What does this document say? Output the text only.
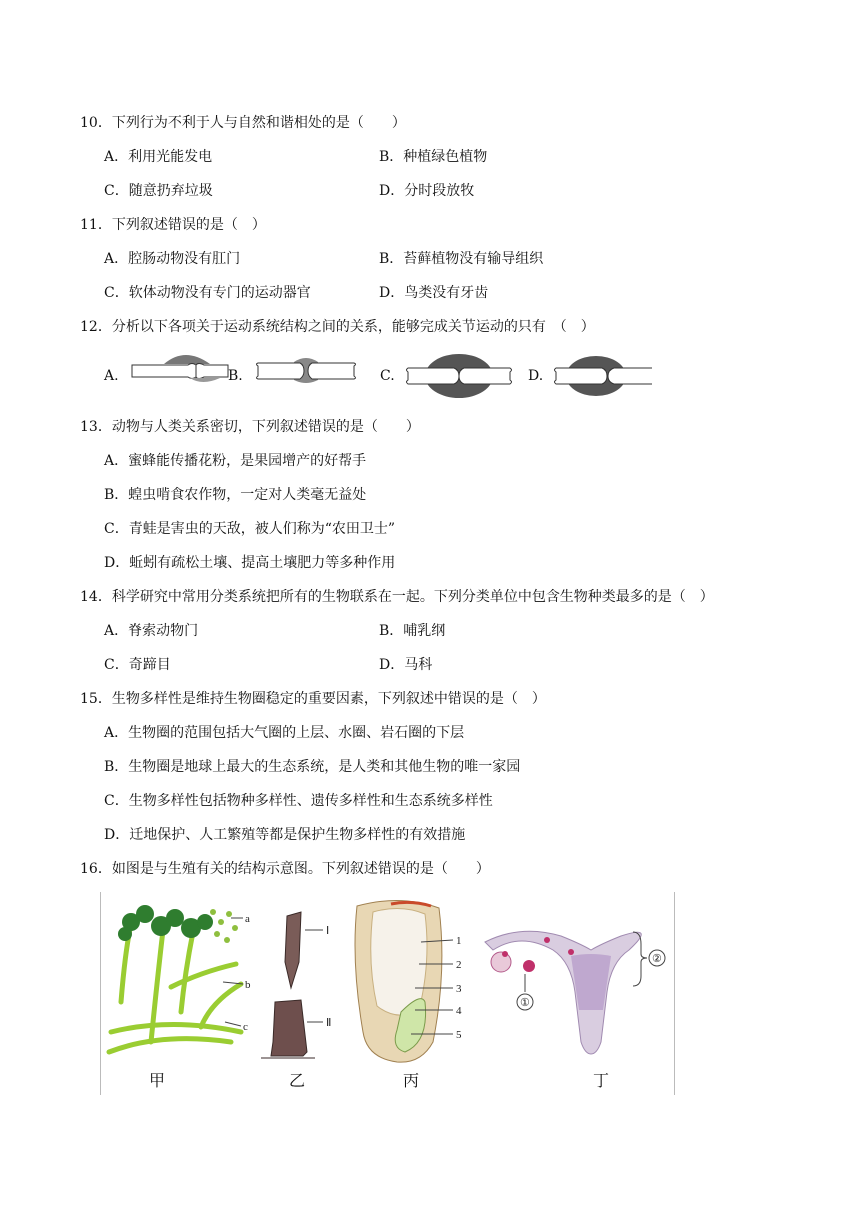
10．下列行为不利于人与自然和谐相处的是（　　）
A．利用光能发电	B．种植绿色植物
C．随意扔弃垃圾	D．分时段放牧
11．下列叙述错误的是（　）
A．腔肠动物没有肛门	B．苔藓植物没有输导组织
C．软体动物没有专门的运动器官	D．鸟类没有牙齿
12．分析以下各项关于运动系统结构之间的关系，能够完成关节运动的只有　（　）
A.	B.	C.	D.
13．动物与人类关系密切，下列叙述错误的是（　　）
A．蜜蜂能传播花粉，是果园增产的好帮手
B．蝗虫啃食农作物，一定对人类毫无益处
C．青蛙是害虫的天敌，被人们称为“农田卫士”
D．蚯蚓有疏松土壤、提高土壤肥力等多种作用
14．科学研究中常用分类系统把所有的生物联系在一起。下列分类单位中包含生物种类最多的是（　）
A．脊索动物门	B．哺乳纲
C．奇蹄目	D．马科
15．生物多样性是维持生物圈稳定的重要因素，下列叙述中错误的是（　）
A．生物圈的范围包括大气圈的上层、水圈、岩石圈的下层
B．生物圈是地球上最大的生态系统，是人类和其他生物的唯一家园
C．生物多样性包括物种多样性、遗传多样性和生态系统多样性
D．迁地保护、人工繁殖等都是保护生物多样性的有效措施
16．如图是与生殖有关的结构示意图。下列叙述错误的是（　　）
a
b
c
Ⅰ
Ⅱ
1
2
3
4
5
①
②
甲	乙	丙	丁
